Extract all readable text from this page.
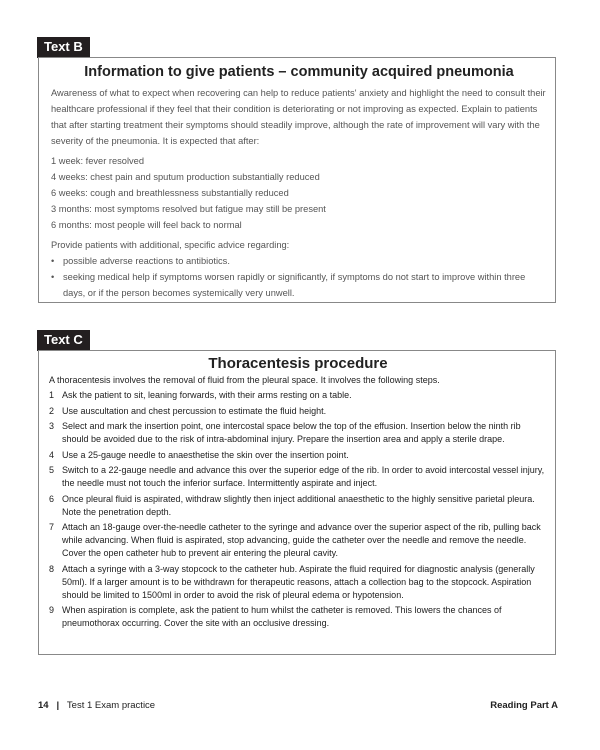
Text B
Information to give patients – community acquired pneumonia

Awareness of what to expect when recovering can help to reduce patients' anxiety and highlight the need to consult their healthcare professional if they feel that their condition is deteriorating or not improving as expected. Explain to patients that after starting treatment their symptoms should steadily improve, although the rate of improvement will vary with the severity of the pneumonia. It is expected that after:

1 week: fever resolved
4 weeks: chest pain and sputum production substantially reduced
6 weeks: cough and breathlessness substantially reduced
3 months: most symptoms resolved but fatigue may still be present
6 months: most people will feel back to normal

Provide patients with additional, specific advice regarding:

• possible adverse reactions to antibiotics.
• seeking medical help if symptoms worsen rapidly or significantly, if symptoms do not start to improve within three days, or if the person becomes systemically very unwell.
Text C
Thoracentesis procedure

A thoracentesis involves the removal of fluid from the pleural space. It involves the following steps.

1 Ask the patient to sit, leaning forwards, with their arms resting on a table.
2 Use auscultation and chest percussion to estimate the fluid height.
3 Select and mark the insertion point, one intercostal space below the top of the effusion. Insertion below the ninth rib should be avoided due to the risk of intra-abdominal injury. Prepare the insertion area and apply a sterile drape.
4 Use a 25-gauge needle to anaesthetise the skin over the insertion point.
5 Switch to a 22-gauge needle and advance this over the superior edge of the rib. In order to avoid intercostal vessel injury, the needle must not touch the inferior surface. Intermittently aspirate and inject.
6 Once pleural fluid is aspirated, withdraw slightly then inject additional anaesthetic to the highly sensitive parietal pleura. Note the penetration depth.
7 Attach an 18-gauge over-the-needle catheter to the syringe and advance over the superior aspect of the rib, pulling back while advancing. When fluid is aspirated, stop advancing, guide the catheter over the needle and remove the needle. Cover the open catheter hub to prevent air entering the pleural cavity.
8 Attach a syringe with a 3-way stopcock to the catheter hub. Aspirate the fluid required for diagnostic analysis (generally 50ml). If a larger amount is to be withdrawn for therapeutic reasons, attach a collection bag to the stopcock. Aspiration should be limited to 1500ml in order to avoid the risk of pleural edema or hypotension.
9 When aspiration is complete, ask the patient to hum whilst the catheter is removed. This lowers the chances of pneumothorax occurring. Cover the site with an occlusive dressing.
14 | Test 1 Exam practice	Reading Part A
